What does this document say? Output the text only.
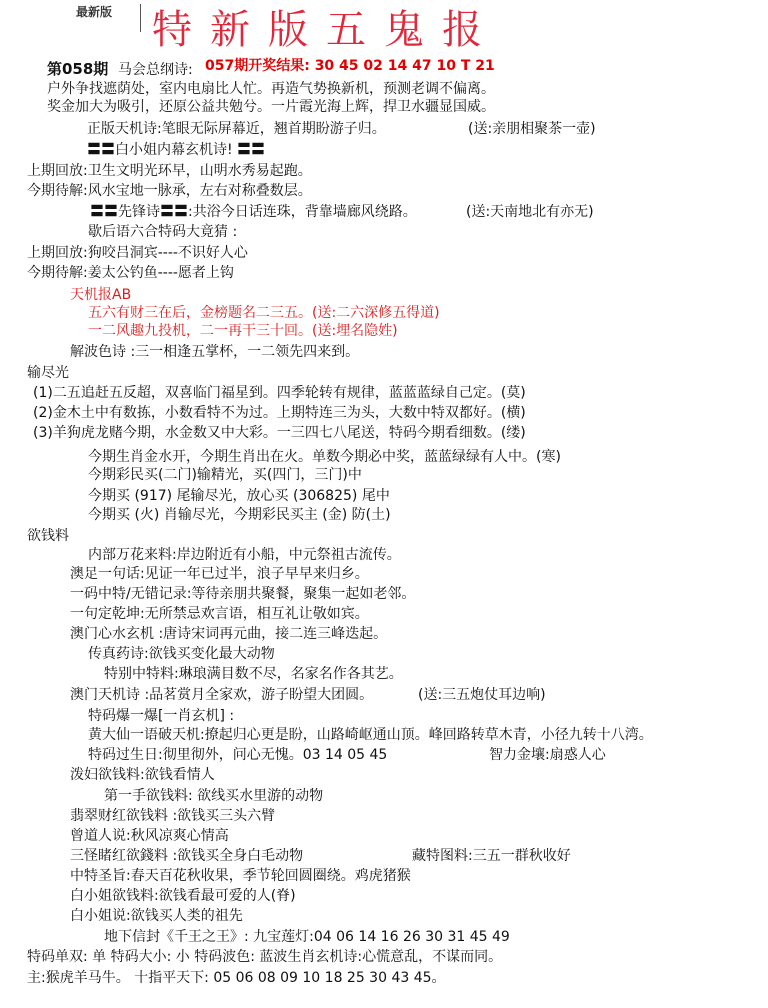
最新版 特新版五鬼报
第058期 马会总纲诗: 057期开奖结果: 30 45 02 14 47 10 T 21
户外争找遮荫处，室内电扇比人忙。再造气势换新机，预测老调不偏离。
奖金加大为吸引，还原公益共勉兮。一片霞光海上辉，捍卫水疆显国威。
正版天机诗:笔眼无际屏幕近，翘首期盼游子归。	(送:亲朋相聚茶一壶)
〓〓白小姐内幕玄机诗! 〓〓
上期回放:卫生文明光环早，山明水秀易起跑。
今期待解:风水宝地一脉承，左右对称叠数层。
〓〓先锋诗〓〓:共浴今日话连珠，背靠墙廊风绕路。	(送:天南地北有亦无)
歇后语六合特码大竟猜 :
上期回放:狗咬吕洞宾----不识好人心
今期待解:姜太公钓鱼----愿者上钩
天机报AB
五六有财三在后，金榜题名二三五。(送:二六深修五得道)
一二风趣九投机，二一再干三十回。(送:埋名隐姓)
解波色诗 :三一相逢五掌杯，一二领先四来到。
输尽光
(1)二五追赶五反超，双喜临门福星到。四季轮转有规律，蓝蓝蓝绿自己定。(莫)
(2)金木土中有数拣，小数看特不为过。上期特连三为头，大数中特双都好。(横)
(3)羊狗虎龙赌今期，水金数又中大彩。一三四七八尾送，特码今期看细数。(缕)
今期生肖金水开，今期生肖出在火。单数今期必中奖，蓝蓝绿绿有人中。(寒)
今期彩民买(二门)输精光，买(四门，三门)中
今期买 (917) 尾输尽光，放心买 (306825) 尾中
今期买 (火) 肖输尽光，今期彩民买主 (金) 防(土)
欲钱料
内部万花来料:岸边附近有小船，中元祭祖古流传。
澳足一句话:见证一年已过半，浪子早早来归乡。
一码中特/无错记录:等待亲朋共聚餐，聚集一起如老邻。
一句定乾坤:无所禁忌欢言语，相互礼让敬如宾。
澳门心水玄机 :唐诗宋词再元曲，接二连三峰迭起。
传真药诗:欲钱买变化最大动物
特别中特料:琳琅满目数不尽，名家名作各其艺。
澳门天机诗 :品茗赏月全家欢，游子盼望大团圆。	(送:三五炮仗耳边响)
特码爆一爆[一肖玄机] :
黄大仙一语破天机:撩起归心更是盼，山路崎岖通山顶。峰回路转草木青，小径九转十八湾。
特码过生日:彻里彻外，问心无愧。03 14 05 45	智力金壤:扇惑人心
泼妇欲钱料:欲钱看情人
第一手欲钱料: 欲线买水里游的动物
翡翠财红欲钱料 :欲钱买三头六臂
曾道人说:秋风凉爽心情高
三怪睹红欲錢料 :欲钱买全身白毛动物	藏特图料:三五一群秋收好
中特圣旨:春天百花秋收果，季节轮回圆圈绕。鸡虎猪猴
白小姐欲钱料:欲钱看最可爱的人(脊)
白小姐说:欲钱买人类的祖先
地下信封《千王之王》: 九宝莲灯:04 06 14 16 26 30 31 45 49
特码单双: 单 特码大小: 小 特码波色: 蓝波生肖玄机诗:心慌意乱，不谋而同。
主:猴虎羊马牛。 十指平天下: 05 06 08 09 10 18 25 30 43 45。
